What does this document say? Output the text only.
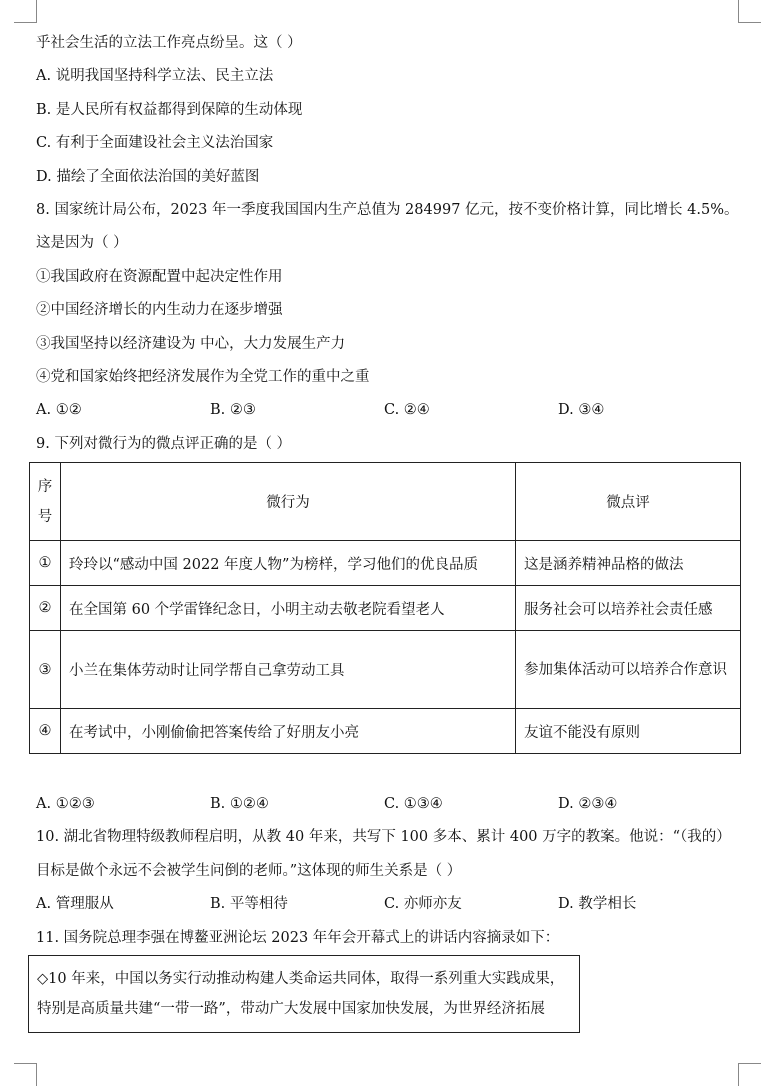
乎社会生活的立法工作亮点纷呈。这（ ）
A. 说明我国坚持科学立法、民主立法
B. 是人民所有权益都得到保障的生动体现
C. 有利于全面建设社会主义法治国家
D. 描绘了全面依法治国的美好蓝图
8. 国家统计局公布，2023 年一季度我国国内生产总值为 284997 亿元，按不变价格计算，同比增长 4.5%。
这是因为（ ）
①我国政府在资源配置中起决定性作用
②中国经济增长的内生动力在逐步增强
③我国坚持以经济建设为 中心，大力发展生产力
④党和国家始终把经济发展作为全党工作的重中之重
A. ①②	B. ②③	C. ②④	D. ③④
9. 下列对微行为的微点评正确的是（ ）
序号	微行为	微点评
①	玲玲以“感动中国 2022 年度人物”为榜样，学习他们的优良品质	这是涵养精神品格的做法
②	在全国第 60 个学雷锋纪念日，小明主动去敬老院看望老人	服务社会可以培养社会责任感
③	小兰在集体劳动时让同学帮自己拿劳动工具	参加集体活动可以培养合作意识

④	在考试中，小刚偷偷把答案传给了好朋友小亮	友谊不能没有原则
A. ①②③	B. ①②④	C. ①③④	D. ②③④
10. 湖北省物理特级教师程启明，从教 40 年来，共写下 100 多本、累计 400 万字的教案。他说：“（我的）
目标是做个永远不会被学生问倒的老师。”这体现的师生关系是（ ）
A. 管理服从	B. 平等相待	C. 亦师亦友	D. 教学相长
11. 国务院总理李强在博鳌亚洲论坛 2023 年年会开幕式上的讲话内容摘录如下：
◇10 年来，中国以务实行动推动构建人类命运共同体，取得一系列重大实践成果，
特别是高质量共建“一带一路”，带动广大发展中国家加快发展，为世界经济拓展
